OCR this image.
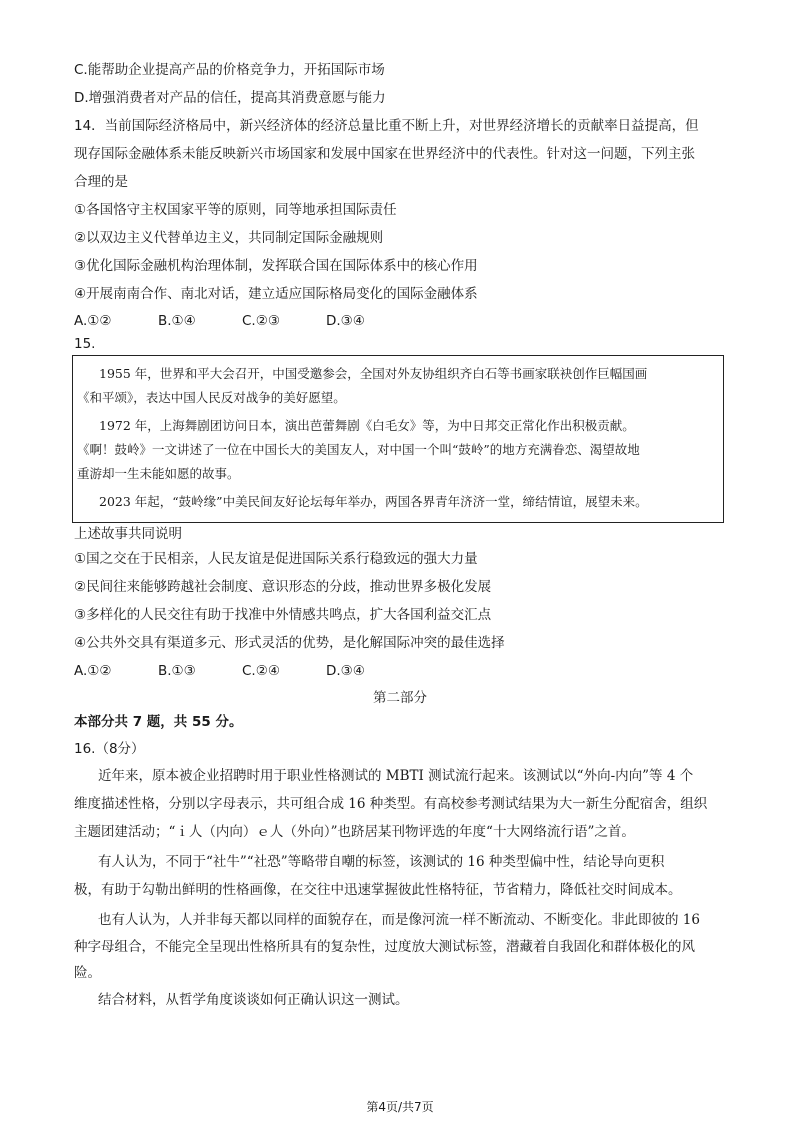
C.能帮助企业提高产品的价格竞争力，开拓国际市场
D.增强消费者对产品的信任，提高其消费意愿与能力
14．当前国际经济格局中，新兴经济体的经济总量比重不断上升，对世界经济增长的贡献率日益提高，但
现存国际金融体系未能反映新兴市场国家和发展中国家在世界经济中的代表性。针对这一问题，下列主张
合理的是
①各国恪守主权国家平等的原则，同等地承担国际责任
②以双边主义代替单边主义，共同制定国际金融规则
③优化国际金融机构治理体制，发挥联合国在国际体系中的核心作用
④开展南南合作、南北对话，建立适应国际格局变化的国际金融体系
A.①②	B.①④	C.②③	D.③④
15.

1955 年，世界和平大会召开，中国受邀参会，全国对外友协组织齐白石等书画家联袂创作巨幅国画

《和平颂》，表达中国人民反对战争的美好愿望。

1972 年，上海舞剧团访问日本，演出芭蕾舞剧《白毛女》等，为中日邦交正常化作出积极贡献。

《啊！鼓岭》一文讲述了一位在中国长大的美国友人，对中国一个叫“鼓岭”的地方充满眷恋、渴望故地

重游却一生未能如愿的故事。

2023 年起，“鼓岭缘”中美民间友好论坛每年举办，两国各界青年济济一堂，缔结情谊，展望未来。

上述故事共同说明
①国之交在于民相亲，人民友谊是促进国际关系行稳致远的强大力量
②民间往来能够跨越社会制度、意识形态的分歧，推动世界多极化发展
③多样化的人民交往有助于找准中外情感共鸣点，扩大各国利益交汇点
④公共外交具有渠道多元、形式灵活的优势，是化解国际冲突的最佳选择
A.①②	B.①③	C.②④	D.③④
第二部分
本部分共 7 题，共 55 分。
16.（8分）
近年来，原本被企业招聘时用于职业性格测试的 MBTI 测试流行起来。该测试以“外向-内向”等 4 个
维度描述性格，分别以字母表示，共可组合成 16 种类型。有高校参考测试结果为大一新生分配宿舍，组织
主题团建活动；“ｉ人（内向）ｅ人（外向）”也跻居某刊物评选的年度“十大网络流行语”之首。
有人认为，不同于“社牛”“社恐”等略带自嘲的标签，该测试的 16 种类型偏中性，结论导向更积
极，有助于勾勒出鲜明的性格画像，在交往中迅速掌握彼此性格特征，节省精力，降低社交时间成本。
也有人认为，人并非每天都以同样的面貌存在，而是像河流一样不断流动、不断变化。非此即彼的 16
种字母组合，不能完全呈现出性格所具有的复杂性，过度放大测试标签，潜藏着自我固化和群体极化的风
险。
结合材料，从哲学角度谈谈如何正确认识这一测试。
第4页/共7页
